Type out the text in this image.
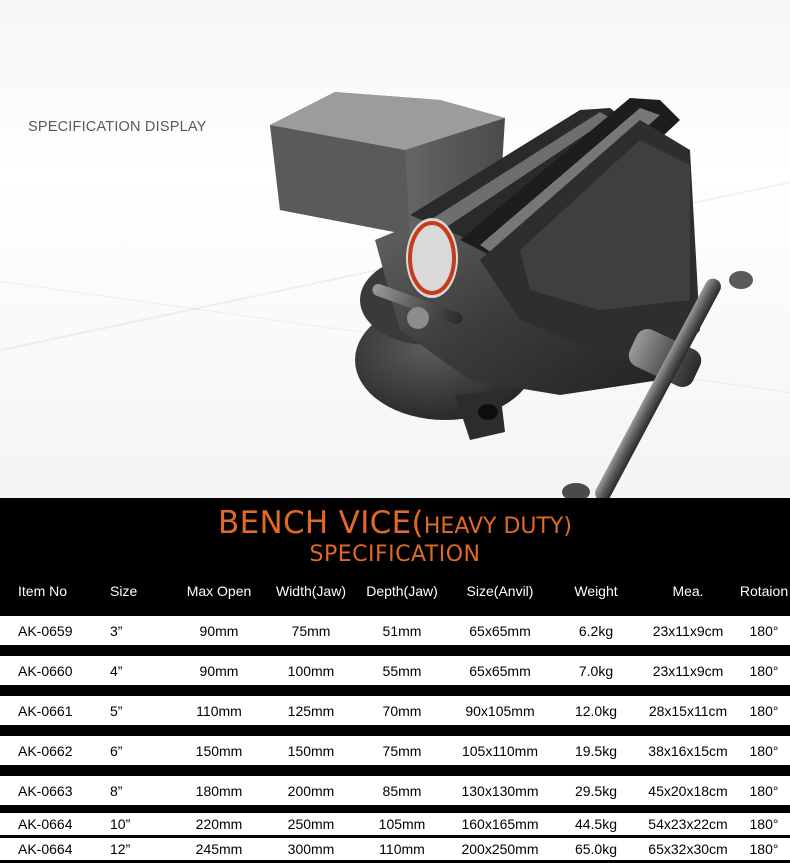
SPECIFICATION DISPLAY
BENCH VICE(HEAVY DUTY)
SPECIFICATION
Item No	Size	Max Open	Width(Jaw)	Depth(Jaw)	Size(Anvil)	Weight	Mea.	Rotaion
AK-0659	3”	90mm	75mm	51mm	65x65mm	6.2kg	23x11x9cm	180°

AK-0660	4”	90mm	100mm	55mm	65x65mm	7.0kg	23x11x9cm	180°

AK-0661	5”	110mm	125mm	70mm	90x105mm	12.0kg	28x15x11cm	180°

AK-0662	6”	150mm	150mm	75mm	105x110mm	19.5kg	38x16x15cm	180°

AK-0663	8”	180mm	200mm	85mm	130x130mm	29.5kg	45x20x18cm	180°

AK-0664	10”	220mm	250mm	105mm	160x165mm	44.5kg	54x23x22cm	180°

AK-0664	12”	245mm	300mm	110mm	200x250mm	65.0kg	65x32x30cm	180°
